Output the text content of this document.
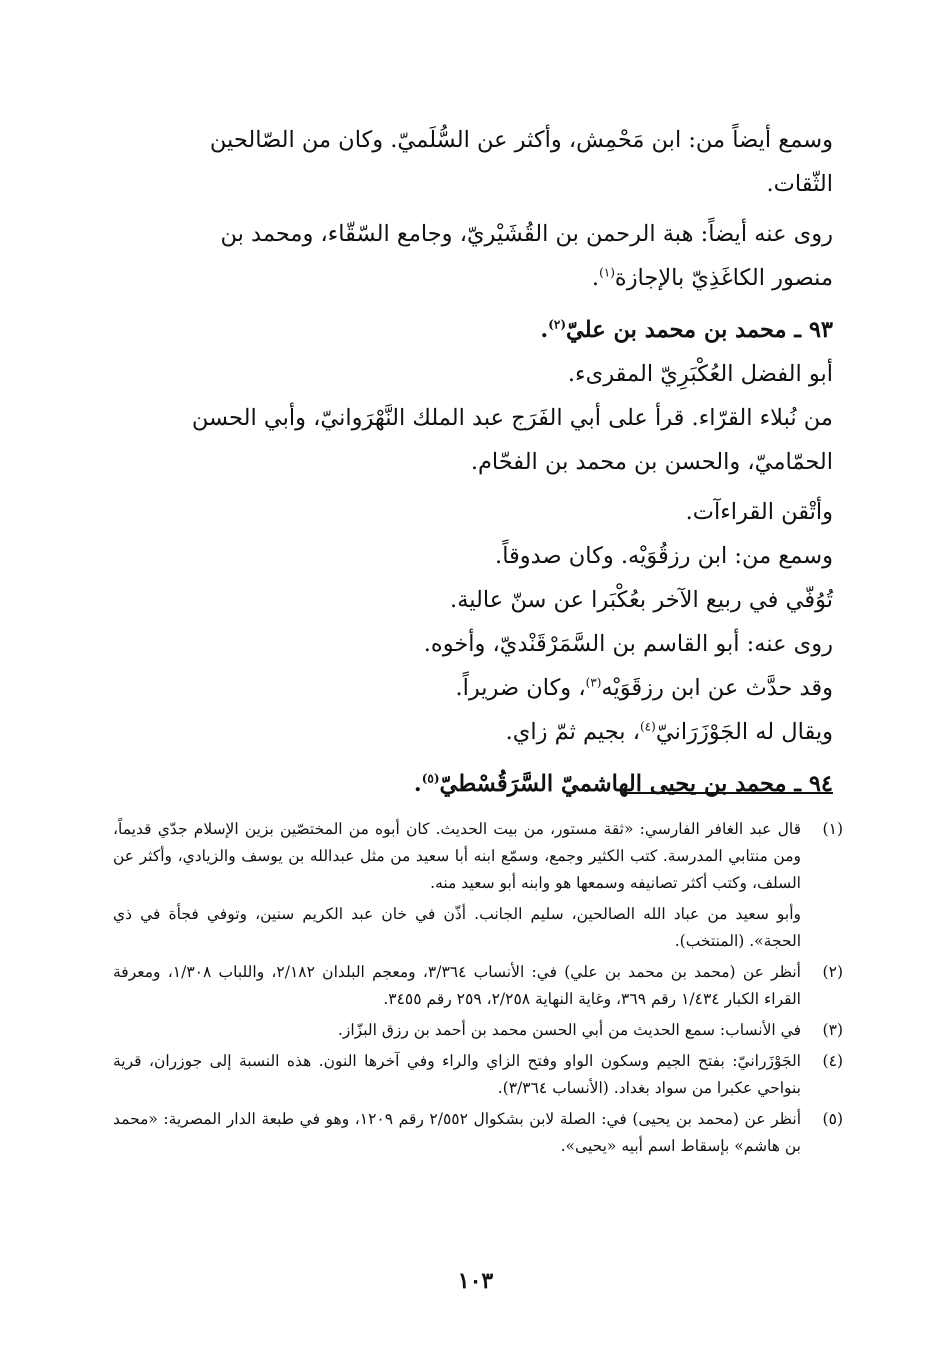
وسمع أيضاً من: ابن مَحْمِش، وأكثر عن السُّلَميّ. وكان من الصّالحين

الثّقات.

روى عنه أيضاً: هبة الرحمن بن القُشَيْريّ، وجامع السّقّاء، ومحمد بن

منصور الكاغَذِيّ بالإجازة$^{(١)}$.

٩٣ ـ محمد بن محمد بن عليّ$^{(٢)}$.

أبو الفضل العُكْبَرِيّ المقرىء.

من نُبلاء القرّاء. قرأ على أبي الفَرَج عبد الملك النَّهْرَوانيّ، وأبي الحسن

الحمّاميّ، والحسن بن محمد بن الفحّام.

وأتْقن القراءآت.

وسمع من: ابن رزقُوَيْه. وكان صدوقاً.

تُوُفّي في ربيع الآخر بعُكْبَرا عن سنّ عالية.

روى عنه: أبو القاسم بن السَّمَرْقَنْديّ، وأخوه.

وقد حدَّث عن ابن رزقَوَيْه$^{(٣)}$، وكان ضريراً.

ويقال له الجَوْزَرَانيّ$^{(٤)}$، بجيم ثمّ زاي.

٩٤ ـ محمد بن يحيى الهاشميّ السَّرَقُسْطيّ$^{(٥)}$.

(١)

قال عبد الغافر الفارسي: «ثقة مستور، من بيت الحديث. كان أبوه من المختصّين بزين الإسلام جدّي قديماً، ومن منتابي المدرسة. كتب الكثير وجمع، وسمّع ابنه أبا سعيد من مثل عبدالله بن يوسف والزيادي، وأكثر عن السلف، وكتب أكثر تصانيفه وسمعها هو وابنه أبو سعيد منه.

وأبو سعيد من عباد الله الصالحين، سليم الجانب. أذّن في خان عبد الكريم سنين، وتوفي فجأة في ذي الحجة». (المنتخب).

(٢)

أنظر عن (محمد بن محمد بن علي) في: الأنساب ٣/٣٦٤، ومعجم البلدان ٢/١٨٢، واللباب ١/٣٠٨، ومعرفة القراء الكبار ١/٤٣٤ رقم ٣٦٩، وغاية النهاية ٢/٢٥٨، ٢٥٩ رقم ٣٤٥٥.

(٣)

في الأنساب: سمع الحديث من أبي الحسن محمد بن أحمد بن رزق البزّاز.

(٤)

الجَوْزَرانيّ: بفتح الجيم وسكون الواو وفتح الزاي والراء وفي آخرها النون. هذه النسبة إلى جوزران، قرية بنواحي عكبرا من سواد بغداد. (الأنساب ٣/٣٦٤).

(٥)

أنظر عن (محمد بن يحيى) في: الصلة لابن بشكوال ٢/٥٥٢ رقم ١٢٠٩، وهو في طبعة الدار المصرية: «محمد بن هاشم» بإسقاط اسم أبيه «يحيى».

١٠٣
